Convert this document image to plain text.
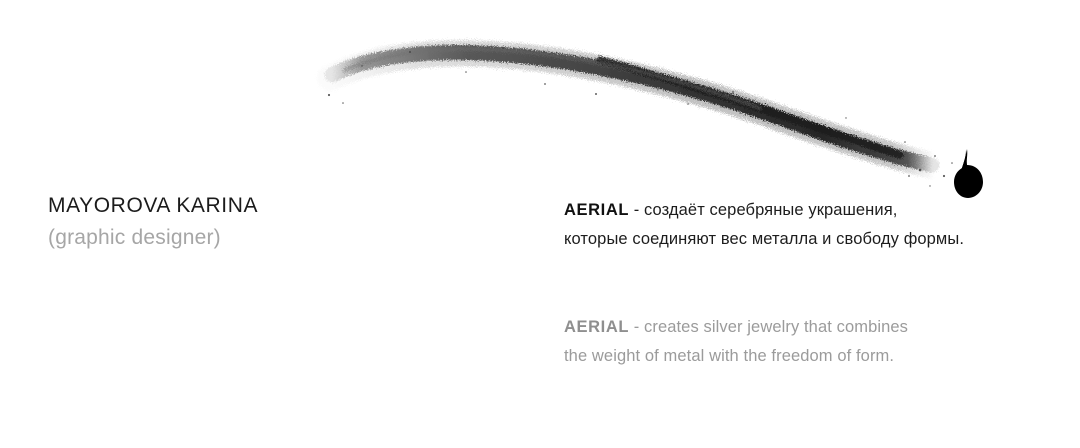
MAYOROVA KARINA
(graphic designer)
AERIAL - создаёт серебряные украшения,
которые соединяют вес металла и свободу формы.
AERIAL - creates silver jewelry that combines
the weight of metal with the freedom of form.
